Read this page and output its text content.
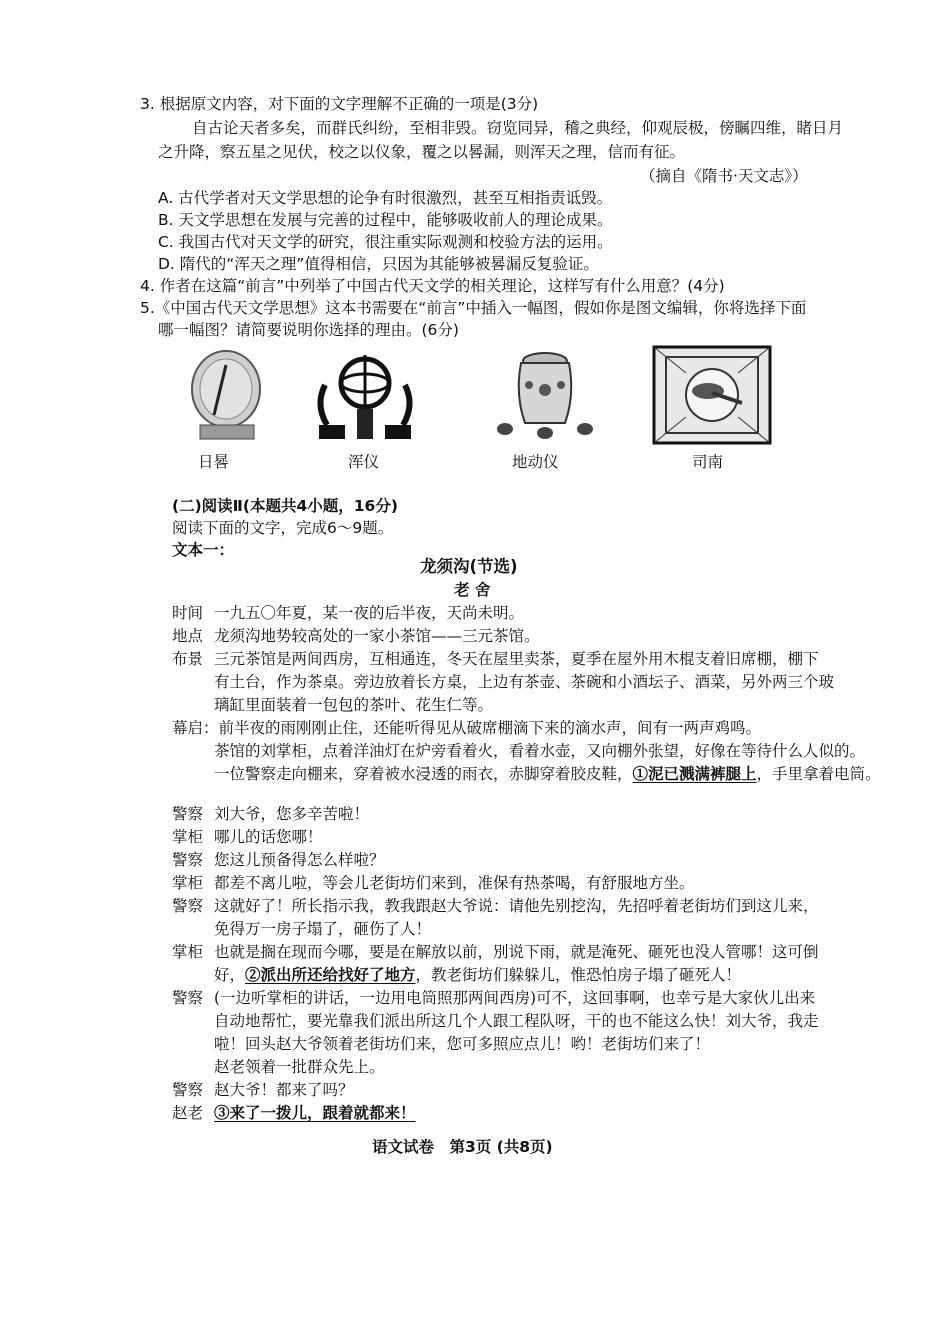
3. 根据原文内容，对下面的文字理解不正确的一项是(3分)
自古论天者多矣，而群氏纠纷，至相非毁。窃览同异，稽之典经，仰观辰极，傍瞩四维，睹日月
之升降，察五星之见伏，校之以仪象，覆之以晷漏，则浑天之理，信而有征。
（摘自《隋书·天文志》）
A. 古代学者对天文学思想的论争有时很激烈，甚至互相指责诋毁。
B. 天文学思想在发展与完善的过程中，能够吸收前人的理论成果。
C. 我国古代对天文学的研究，很注重实际观测和校验方法的运用。
D. 隋代的“浑天之理”值得相信，只因为其能够被晷漏反复验证。
4. 作者在这篇“前言”中列举了中国古代天文学的相关理论，这样写有什么用意？(4分)
5.《中国古代天文学思想》这本书需要在“前言”中插入一幅图，假如你是图文编辑，你将选择下面
哪一幅图？请简要说明你选择的理由。(6分)
日晷	浑仪	地动仪	司南
(二)阅读Ⅱ(本题共4小题，16分)
阅读下面的文字，完成6～9题。
文本一：
龙须沟(节选)
老 舍
时间 一九五〇年夏，某一夜的后半夜，天尚未明。
地点 龙须沟地势较高处的一家小茶馆——三元茶馆。
布景 三元茶馆是两间西房，互相通连，冬天在屋里卖茶，夏季在屋外用木棍支着旧席棚，棚下
有土台，作为茶桌。旁边放着长方桌，上边有茶壶、茶碗和小酒坛子、酒菜，另外两三个玻
璃缸里面装着一包包的茶叶、花生仁等。
幕启：前半夜的雨刚刚止住，还能听得见从破席棚滴下来的滴水声，间有一两声鸡鸣。
茶馆的刘掌柜，点着洋油灯在炉旁看着火，看着水壶，又向棚外张望，好像在等待什么人似的。
一位警察走向棚来，穿着被水浸透的雨衣，赤脚穿着胶皮鞋，①泥已溅满裤腿上，手里拿着电筒。
警察 刘大爷，您多辛苦啦！
掌柜 哪儿的话您哪！
警察 您这儿预备得怎么样啦？
掌柜 都差不离儿啦，等会儿老街坊们来到，准保有热茶喝，有舒服地方坐。
警察 这就好了！所长指示我，教我跟赵大爷说：请他先别挖沟，先招呼着老街坊们到这儿来，
免得万一房子塌了，砸伤了人！
掌柜 也就是搁在现而今哪，要是在解放以前，別说下雨，就是淹死、砸死也没人管哪！这可倒
好，②派出所还给找好了地方，教老街坊们躲躲儿，惟恐怕房子塌了砸死人！
警察 (一边听掌柜的讲话，一边用电筒照那两间西房)可不，这回事啊，也幸亏是大家伙儿出来
自动地帮忙，要光靠我们派出所这几个人跟工程队呀，干的也不能这么快！刘大爷，我走
啦！回头赵大爷领着老街坊们来，您可多照应点儿！哟！老街坊们来了！
赵老领着一批群众先上。
警察 赵大爷！都来了吗？
赵老 ③来了一拨儿，跟着就都来！
语文试卷　第3页 (共8页)
